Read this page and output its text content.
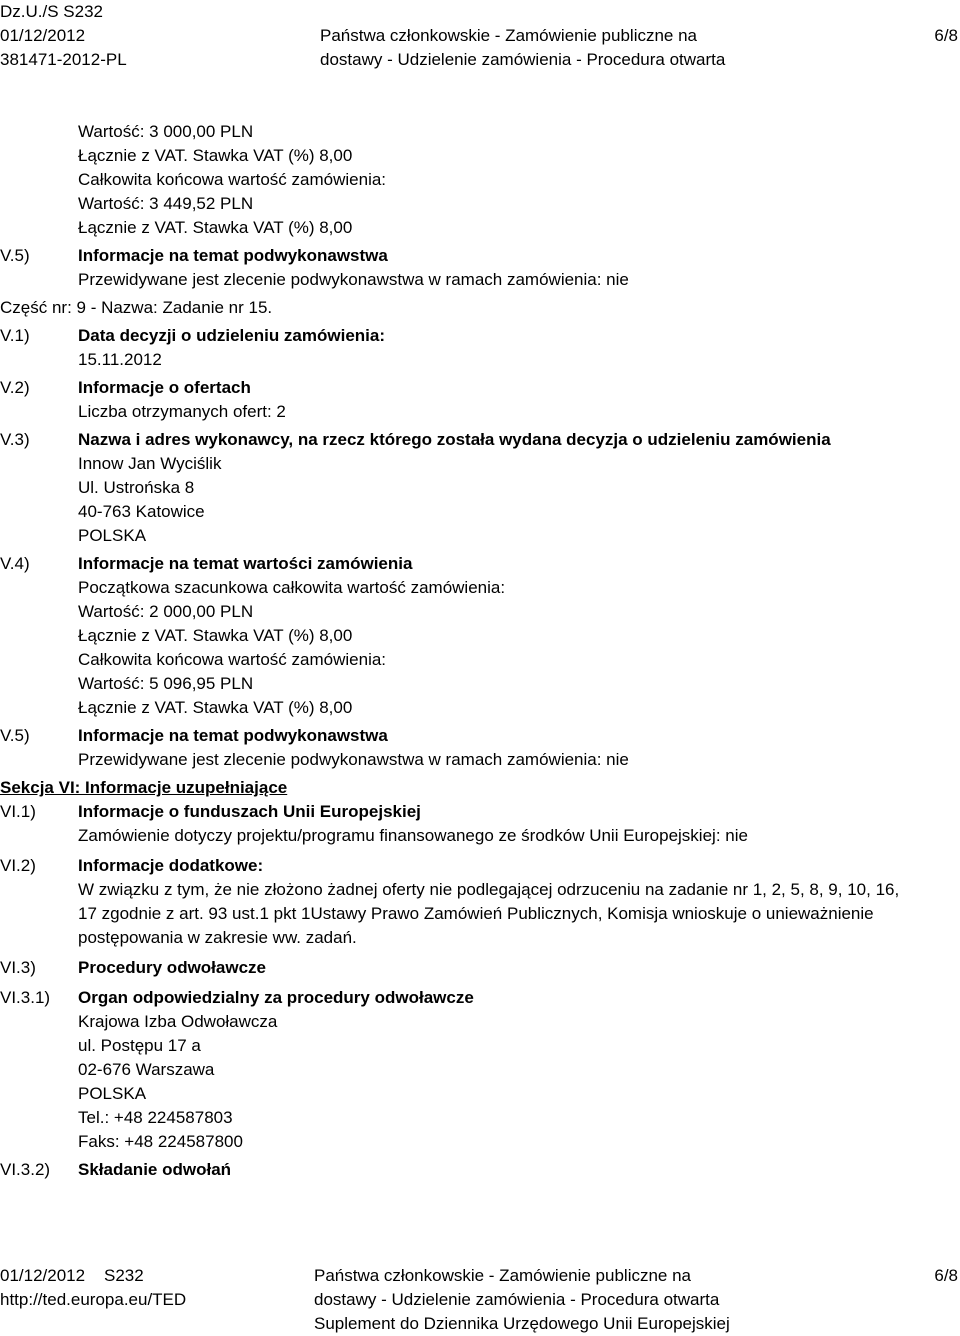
Dz.U./S S232
01/12/2012
381471-2012-PL
Państwa członkowskie - Zamówienie publiczne na
dostawy - Udzielenie zamówienia - Procedura otwarta
6/8
Wartość: 3 000,00 PLN
Łącznie z VAT. Stawka VAT (%) 8,00
Całkowita końcowa wartość zamówienia:
Wartość: 3 449,52 PLN
Łącznie z VAT. Stawka VAT (%) 8,00
V.5)	Informacje na temat podwykonawstwa
Przewidywane jest zlecenie podwykonawstwa w ramach zamówienia: nie
Część nr: 9 - Nazwa: Zadanie nr 15.
V.1)	Data decyzji o udzieleniu zamówienia:
15.11.2012
V.2)	Informacje o ofertach
Liczba otrzymanych ofert: 2
V.3)	Nazwa i adres wykonawcy, na rzecz którego została wydana decyzja o udzieleniu zamówienia
Innow Jan Wyciślik
Ul. Ustrońska 8
40-763 Katowice
POLSKA
V.4)	Informacje na temat wartości zamówienia
Początkowa szacunkowa całkowita wartość zamówienia:
Wartość: 2 000,00 PLN
Łącznie z VAT. Stawka VAT (%) 8,00
Całkowita końcowa wartość zamówienia:
Wartość: 5 096,95 PLN
Łącznie z VAT. Stawka VAT (%) 8,00
V.5)	Informacje na temat podwykonawstwa
Przewidywane jest zlecenie podwykonawstwa w ramach zamówienia: nie
Sekcja VI: Informacje uzupełniające
VI.1) Informacje o funduszach Unii Europejskiej
Zamówienie dotyczy projektu/programu finansowanego ze środków Unii Europejskiej: nie
VI.2) Informacje dodatkowe:
W związku z tym, że nie złożono żadnej oferty nie podlegającej odrzuceniu na zadanie nr 1, 2, 5, 8, 9, 10, 16,
17 zgodnie z art. 93 ust.1 pkt 1Ustawy Prawo Zamówień Publicznych, Komisja wnioskuje o unieważnienie
postępowania w zakresie ww. zadań.
VI.3) Procedury odwoławcze
VI.3.1) Organ odpowiedzialny za procedury odwoławcze
Krajowa Izba Odwoławcza
ul. Postępu 17 a
02-676 Warszawa
POLSKA
Tel.: +48 224587803
Faks: +48 224587800
VI.3.2) Składanie odwołań
01/12/2012 S232
http://ted.europa.eu/TED
Państwa członkowskie - Zamówienie publiczne na
dostawy - Udzielenie zamówienia - Procedura otwarta
Suplement do Dziennika Urzędowego Unii Europejskiej
6/8
